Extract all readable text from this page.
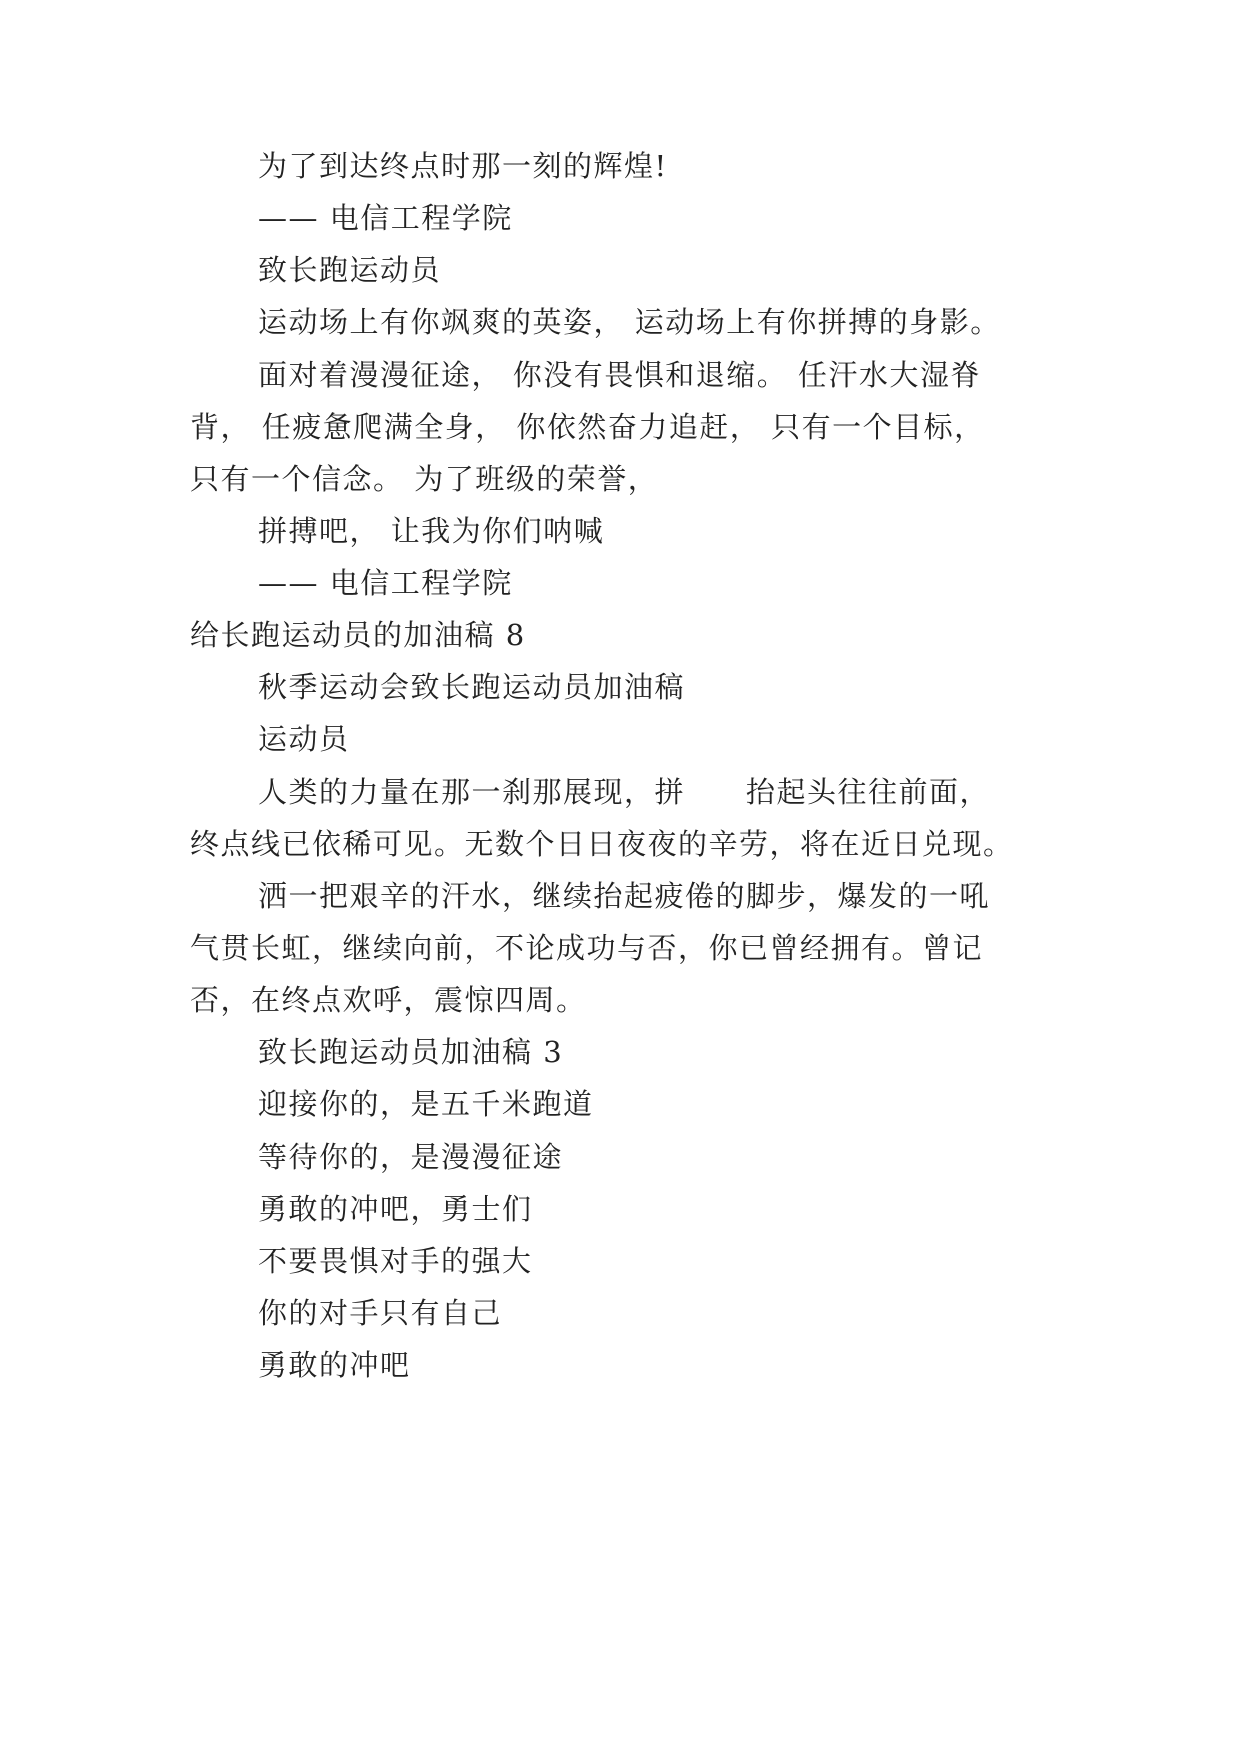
为了到达终点时那一刻的辉煌!
—— 电信工程学院
致长跑运动员
运动场上有你飒爽的英姿， 运动场上有你拼搏的身影。
面对着漫漫征途， 你没有畏惧和退缩。 任汗水大湿脊
背， 任疲惫爬满全身， 你依然奋力追赶， 只有一个目标，
只有一个信念。 为了班级的荣誉，
拼搏吧， 让我为你们呐喊
—— 电信工程学院
给长跑运动员的加油稿 8
秋季运动会致长跑运动员加油稿
运动员
人类的力量在那一刹那展现，拼　　抬起头往往前面，
终点线已依稀可见。无数个日日夜夜的辛劳，将在近日兑现。
洒一把艰辛的汗水，继续抬起疲倦的脚步，爆发的一吼
气贯长虹，继续向前，不论成功与否，你已曾经拥有。曾记
否，在终点欢呼，震惊四周。
致长跑运动员加油稿 3
迎接你的，是五千米跑道
等待你的，是漫漫征途
勇敢的冲吧，勇士们
不要畏惧对手的强大
你的对手只有自己
勇敢的冲吧
